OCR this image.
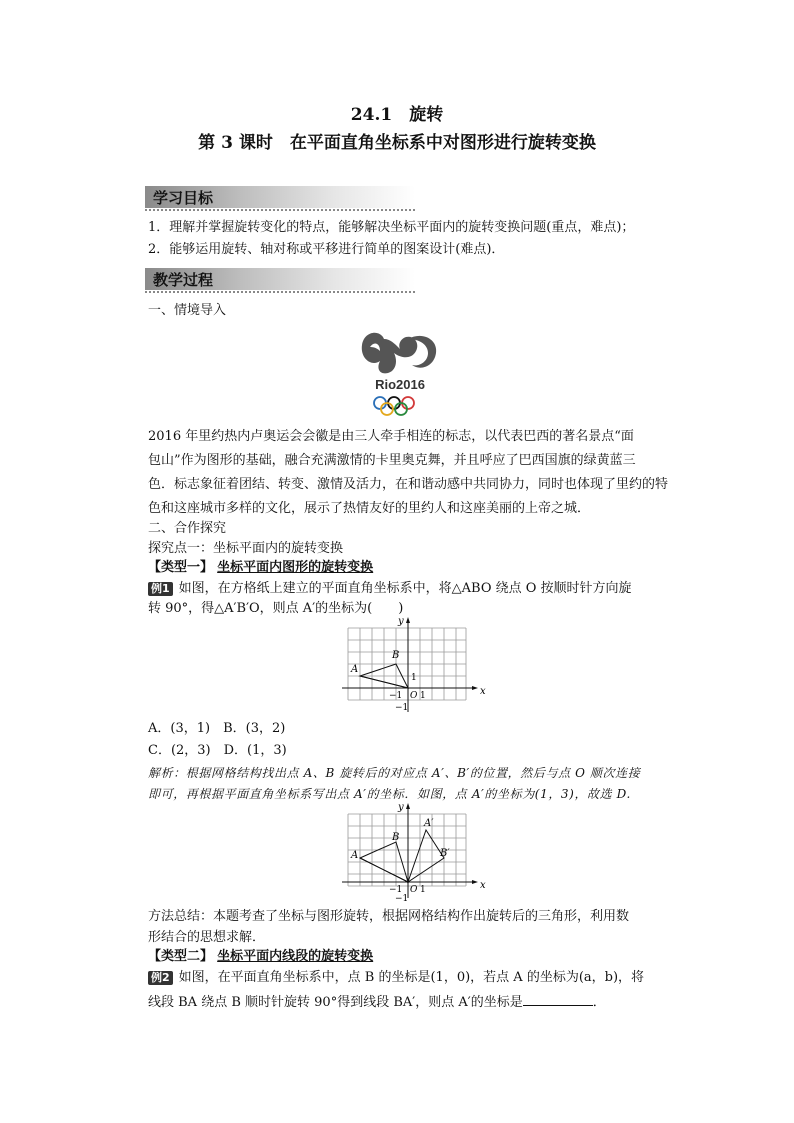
24.1　旋转
第 3 课时　在平面直角坐标系中对图形进行旋转变换
学习目标
1．理解并掌握旋转变化的特点，能够解决坐标平面内的旋转变换问题(重点，难点)；
2．能够运用旋转、轴对称或平移进行简单的图案设计(难点)．
教学过程
一、情境导入
Rio2016
2016 年里约热内卢奥运会会徽是由三人牵手相连的标志，以代表巴西的著名景点“面
包山”作为图形的基础，融合充满激情的卡里奥克舞，并且呼应了巴西国旗的绿黄蓝三
色．标志象征着团结、转变、激情及活力，在和谐动感中共同协力，同时也体现了里约的特
色和这座城市多样的文化，展示了热情友好的里约人和这座美丽的上帝之城．
二、合作探究
探究点一：坐标平面内的旋转变换
【类型一】 坐标平面内图形的旋转变换
例1 如图，在方格纸上建立的平面直角坐标系中，将△ABO 绕点 O 按顺时针方向旋
转 90°，得△A′B′O，则点 A′的坐标为(　　)
x
y
A
B
O 1
−1
1
−1
A．(3，1)　B．(3，2)
C．(2，3)　D．(1，3)
解析：根据网格结构找出点 A、B 旋转后的对应点 A′、B′的位置，然后与点 O 顺次连接
即可，再根据平面直角坐标系写出点 A′的坐标．如图，点 A′的坐标为(1，3)，故选 D.
x
y
A
B
A′
B′
O 1
−1
−1
方法总结：本题考查了坐标与图形旋转，根据网格结构作出旋转后的三角形，利用数
形结合的思想求解．
【类型二】 坐标平面内线段的旋转变换
例2 如图，在平面直角坐标系中，点 B 的坐标是(1，0)，若点 A 的坐标为(a，b)，将
线段 BA 绕点 B 顺时针旋转 90°得到线段 BA′，则点 A′的坐标是	．
